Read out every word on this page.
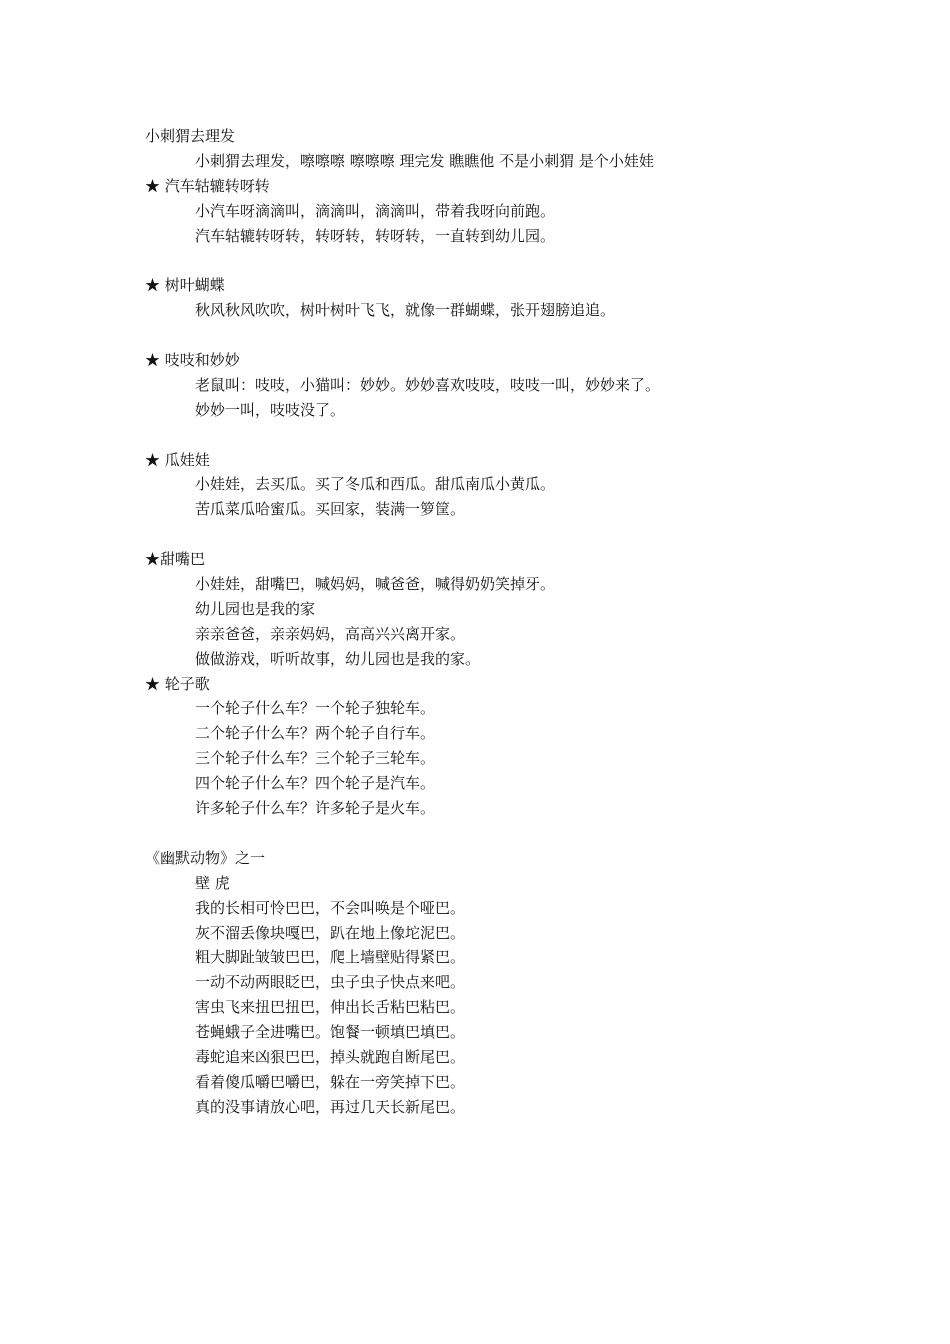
小刺猬去理发
小刺猬去理发，嚓嚓嚓 嚓嚓嚓 理完发 瞧瞧他 不是小刺猬 是个小娃娃
★ 汽车轱辘转呀转
小汽车呀滴滴叫，滴滴叫，滴滴叫，带着我呀向前跑。
汽车轱辘转呀转，转呀转，转呀转，一直转到幼儿园。
★ 树叶蝴蝶
秋风秋风吹吹，树叶树叶飞飞，就像一群蝴蝶，张开翅膀追追。
★ 吱吱和妙妙
老鼠叫：吱吱，小猫叫：妙妙。妙妙喜欢吱吱，吱吱一叫，妙妙来了。
妙妙一叫，吱吱没了。
★ 瓜娃娃
小娃娃，去买瓜。买了冬瓜和西瓜。甜瓜南瓜小黄瓜。
苦瓜菜瓜哈蜜瓜。买回家，装满一箩筐。
★甜嘴巴
小娃娃，甜嘴巴，喊妈妈，喊爸爸，喊得奶奶笑掉牙。
幼儿园也是我的家
亲亲爸爸，亲亲妈妈，高高兴兴离开家。
做做游戏，听听故事，幼儿园也是我的家。
★ 轮子歌
一个轮子什么车？一个轮子独轮车。
二个轮子什么车？两个轮子自行车。
三个轮子什么车？三个轮子三轮车。
四个轮子什么车？四个轮子是汽车。
许多轮子什么车？许多轮子是火车。
《幽默动物》之一
壁 虎
我的长相可怜巴巴，不会叫唤是个哑巴。
灰不溜丢像块嘎巴，趴在地上像坨泥巴。
粗大脚趾皱皱巴巴，爬上墙壁贴得紧巴。
一动不动两眼眨巴，虫子虫子快点来吧。
害虫飞来扭巴扭巴，伸出长舌粘巴粘巴。
苍蝇蛾子全进嘴巴。饱餐一顿填巴填巴。
毒蛇追来凶狠巴巴，掉头就跑自断尾巴。
看着傻瓜嚼巴嚼巴，躲在一旁笑掉下巴。
真的没事请放心吧，再过几天长新尾巴。
